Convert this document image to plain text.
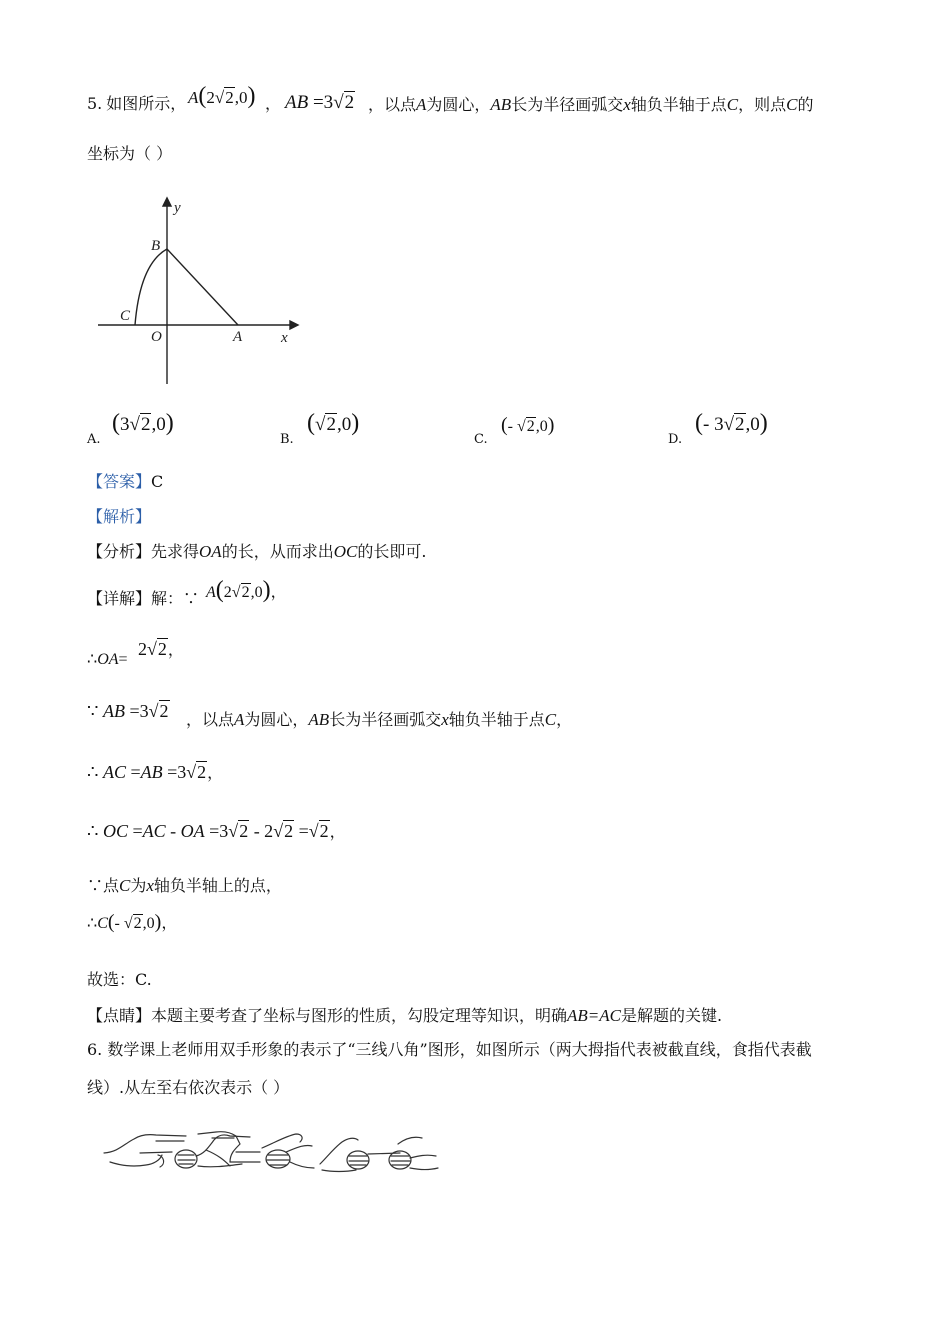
5. 如图所示， A(2√2,0) ， AB =3√2 ，以点A为圆心，AB长为半径画弧交x轴负半轴于点C，则点C的
坐标为（ ）
y
B
C
O	A	x
A.
(3√2,0)
B.
(√2,0)
C.
(- √2,0)
D.
(- 3√2,0)
【答案】C
【解析】
【分析】先求得OA的长，从而求出OC的长即可.
【详解】解：∵ A(2√2,0)，
∴OA=
2√2，
∵ AB =3√2 ，以点A为圆心，AB长为半径画弧交x轴负半轴于点C，
∴ AC =AB =3√2，
∴ OC =AC - OA =3√2 - 2√2 =√2，
∵点C为x轴负半轴上的点，
∴C(- √2,0)，
故选：C.
【点睛】本题主要考查了坐标与图形的性质，勾股定理等知识，明确AB=AC是解题的关键.
6. 数学课上老师用双手形象的表示了“三线八角”图形，如图所示（两大拇指代表被截直线，食指代表截
线）.从左至右依次表示（ ）
